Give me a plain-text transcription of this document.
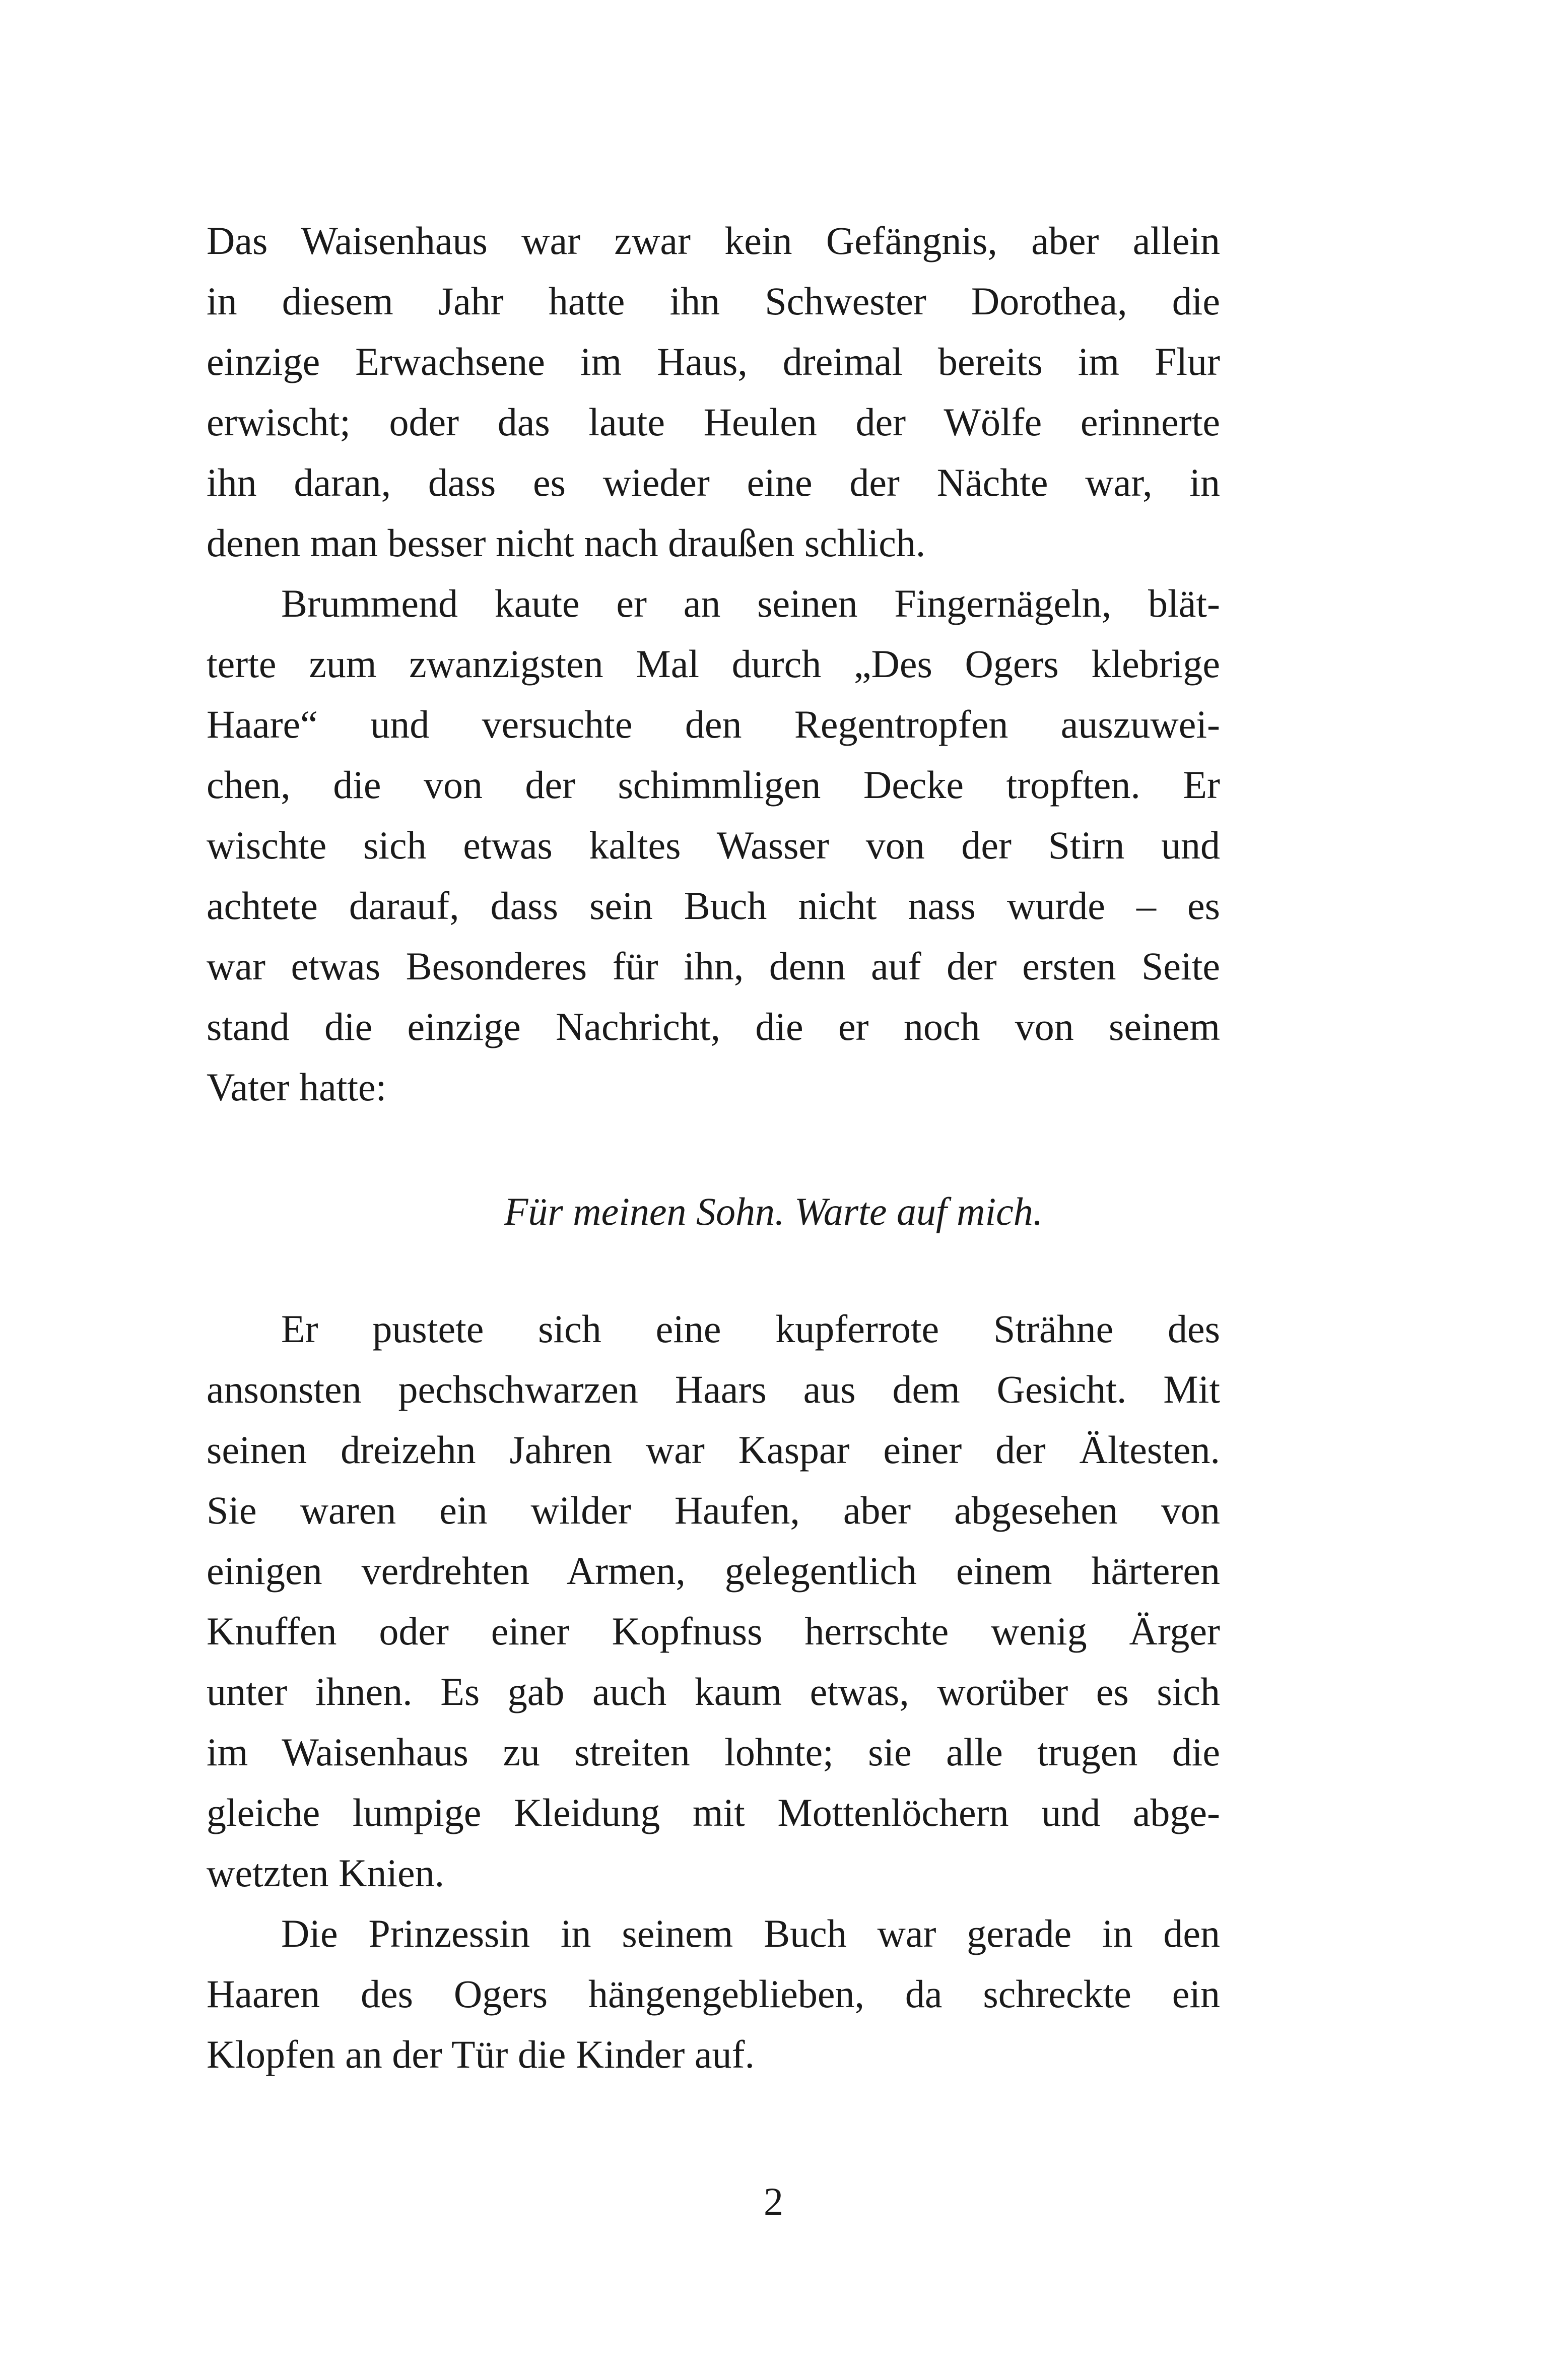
Das Waisenhaus war zwar kein Gefängnis, aber allein
in diesem Jahr hatte ihn Schwester Dorothea, die
einzige Erwachsene im Haus, dreimal bereits im Flur
erwischt; oder das laute Heulen der Wölfe erinnerte
ihn daran, dass es wieder eine der Nächte war, in
denen man besser nicht nach draußen schlich.
Brummend kaute er an seinen Fingernägeln, blät-
terte zum zwanzigsten Mal durch „Des Ogers klebrige
Haare“ und versuchte den Regentropfen auszuwei-
chen, die von der schimmligen Decke tropften. Er
wischte sich etwas kaltes Wasser von der Stirn und
achtete darauf, dass sein Buch nicht nass wurde – es
war etwas Besonderes für ihn, denn auf der ersten Seite
stand die einzige Nachricht, die er noch von seinem
Vater hatte:
Für meinen Sohn. Warte auf mich.
Er pustete sich eine kupferrote Strähne des
ansonsten pechschwarzen Haars aus dem Gesicht. Mit
seinen dreizehn Jahren war Kaspar einer der Ältesten.
Sie waren ein wilder Haufen, aber abgesehen von
einigen verdrehten Armen, gelegentlich einem härteren
Knuffen oder einer Kopfnuss herrschte wenig Ärger
unter ihnen. Es gab auch kaum etwas, worüber es sich
im Waisenhaus zu streiten lohnte; sie alle trugen die
gleiche lumpige Kleidung mit Mottenlöchern und abge-
wetzten Knien.
Die Prinzessin in seinem Buch war gerade in den
Haaren des Ogers hängengeblieben, da schreckte ein
Klopfen an der Tür die Kinder auf.
2
